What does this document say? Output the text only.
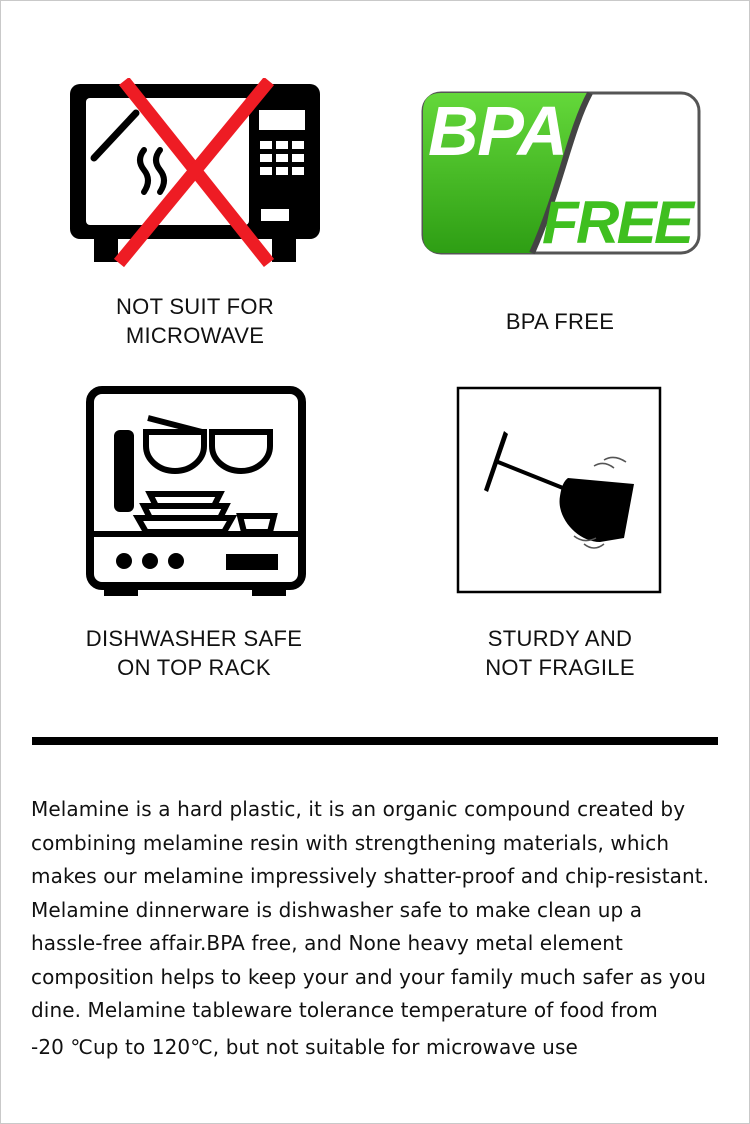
NOT SUIT FOR
MICROWAVE
BPA
FREE
BPA FREE
DISHWASHER SAFE
ON TOP RACK
STURDY AND
NOT FRAGILE
Melamine is a hard plastic, it is an organic compound created by
combining melamine resin with strengthening materials, which
makes our melamine impressively shatter-proof and chip-resistant.
Melamine dinnerware is dishwasher safe to make clean up a
hassle-free affair.BPA free, and None heavy metal element
composition helps to keep your and your family much safer as you
dine. Melamine tableware tolerance temperature of food from
-20 ℃up to 120℃, but not suitable for microwave use
